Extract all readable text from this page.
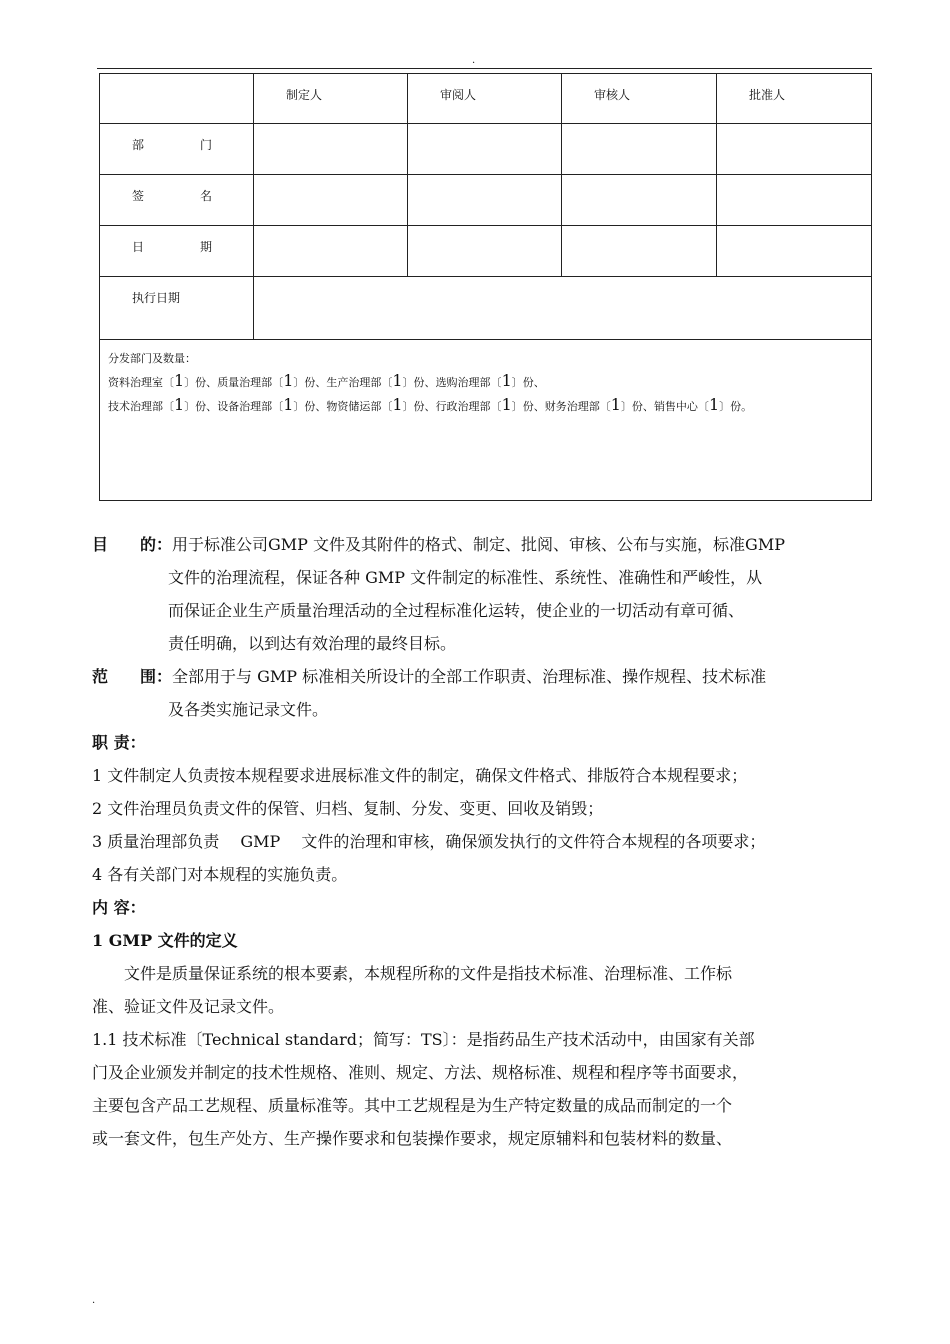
.
	制定人	审阅人	审核人	批准人

部 门				

签 名				

日 期				

执行日期				

分发部门及数量：
资料治理室〔1〕份、质量治理部〔1〕份、生产治理部〔1〕份、选购治理部〔1〕份、
技术治理部〔1〕份、设备治理部〔1〕份、物资储运部〔1〕份、行政治理部〔1〕份、财务治理部〔1〕份、销售中心〔1〕份。				

目　　的：用于标准公司GMP 文件及其附件的格式、制定、批阅、审核、公布与实施，标准GMP

文件的治理流程，保证各种 GMP 文件制定的标准性、系统性、准确性和严峻性，从

而保证企业生产质量治理活动的全过程标准化运转，使企业的一切活动有章可循、

责任明确，以到达有效治理的最终目标。

范　　围：全部用于与 GMP 标准相关所设计的全部工作职责、治理标准、操作规程、技术标准

及各类实施记录文件。

职 责：

1 文件制定人负责按本规程要求进展标准文件的制定，确保文件格式、排版符合本规程要求；

2 文件治理员负责文件的保管、归档、复制、分发、变更、回收及销毁；

3 质量治理部负责　 GMP　 文件的治理和审核，确保颁发执行的文件符合本规程的各项要求；

4 各有关部门对本规程的实施负责。

内 容：

1 GMP 文件的定义

文件是质量保证系统的根本要素，本规程所称的文件是指技术标准、治理标准、工作标

准、验证文件及记录文件。

1.1 技术标准〔Technical standard；简写：TS〕：是指药品生产技术活动中，由国家有关部

门及企业颁发并制定的技术性规格、准则、规定、方法、规格标准、规程和程序等书面要求，

主要包含产品工艺规程、质量标准等。其中工艺规程是为生产特定数量的成品而制定的一个

或一套文件，包生产处方、生产操作要求和包装操作要求，规定原辅料和包装材料的数量、

.
